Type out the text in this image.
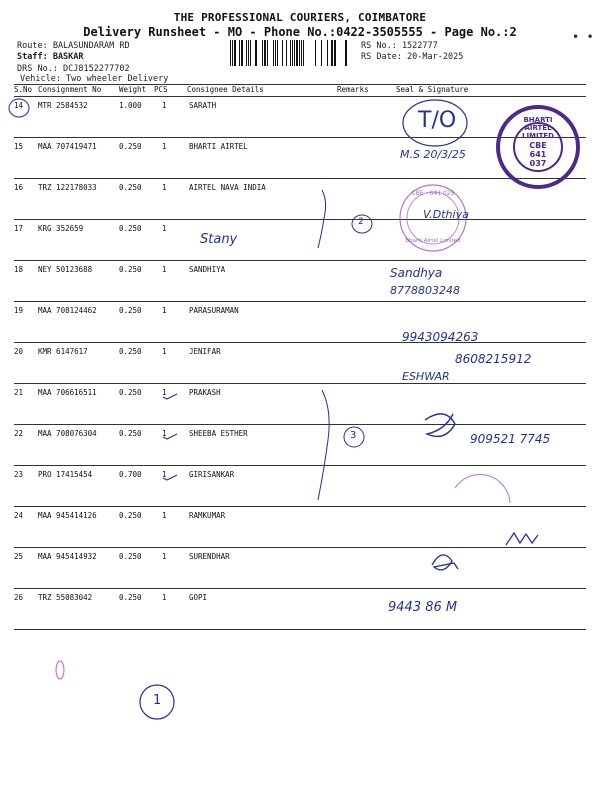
THE PROFESSIONAL COURIERS, COIMBATORE
Delivery Runsheet - MO - Phone No.:0422-3505555 - Page No.:2	• •
Route: BALASUNDARAM RD
Staff: BASKAR
DRS No.: DCJ8152277702
Vehicle: Two wheeler Delivery
RS No.: 1522777
RS Date: 20-Mar-2025
S.No Consignment No Weight PCS	Consignee Details	Remarks	Seal & Signature
14 MTR 2584532	1.000	1	SARATH
15 MAA 707419471	0.250	1	BHARTI AIRTEL
16 TRZ 122178033	0.250	1	AIRTEL NAVA INDIA
17 KRG 352659	0.250	1
18 NEY 50123688	0.250	1	SANDHIYA
19 MAA 708124462	0.250	1	PARASURAMAN
20 KMR 6147617	0.250	1	JENIFAR
21 MAA 706616511	0.250	1	PRAKASH
22 MAA 708076304	0.250	1	SHEEBA ESTHER
23 PRO 17415454	0.700	1	GIRISANKAR
24 MAA 945414126	0.250	1	RAMKUMAR
25 MAA 945414932	0.250	1	SURENDHAR
26 TRZ 55083042	0.250	1	GOPI
T/O
M.S 20/3/25
V.Dthiya
Stany
Sandhya
8778803248
9943094263
8608215912
ESHWAR
909521 7745
9443 86 M
2
3
1
BHARTI AIRTEL LIMITED
CBE 641 037
CBE - 641 025
Bharti Airtel Limited
